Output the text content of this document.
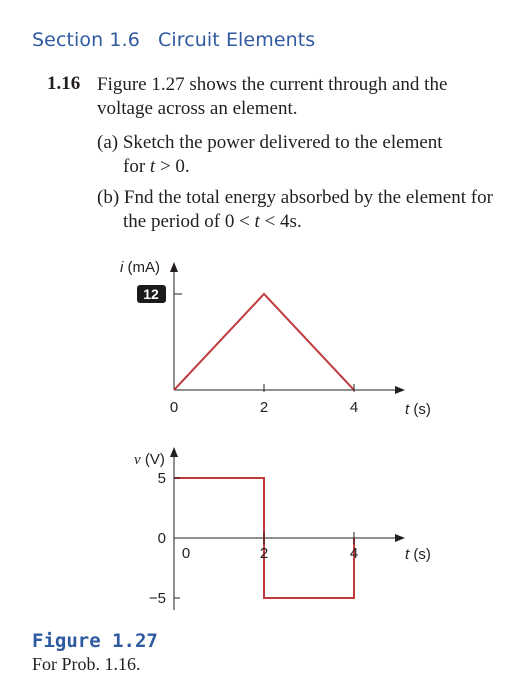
Section 1.6 Circuit Elements
1.16 Figure 1.27 shows the current through and the
voltage across an element.
(a) Sketch the power delivered to the element
for t > 0.
(b) Fnd the total energy absorbed by the element for
the period of 0 < t < 4s.
i (mA)
t (s)
0	2	4
12
v (V)
t (s)
0	2	4
5
0
−5
Figure 1.27
For Prob. 1.16.
